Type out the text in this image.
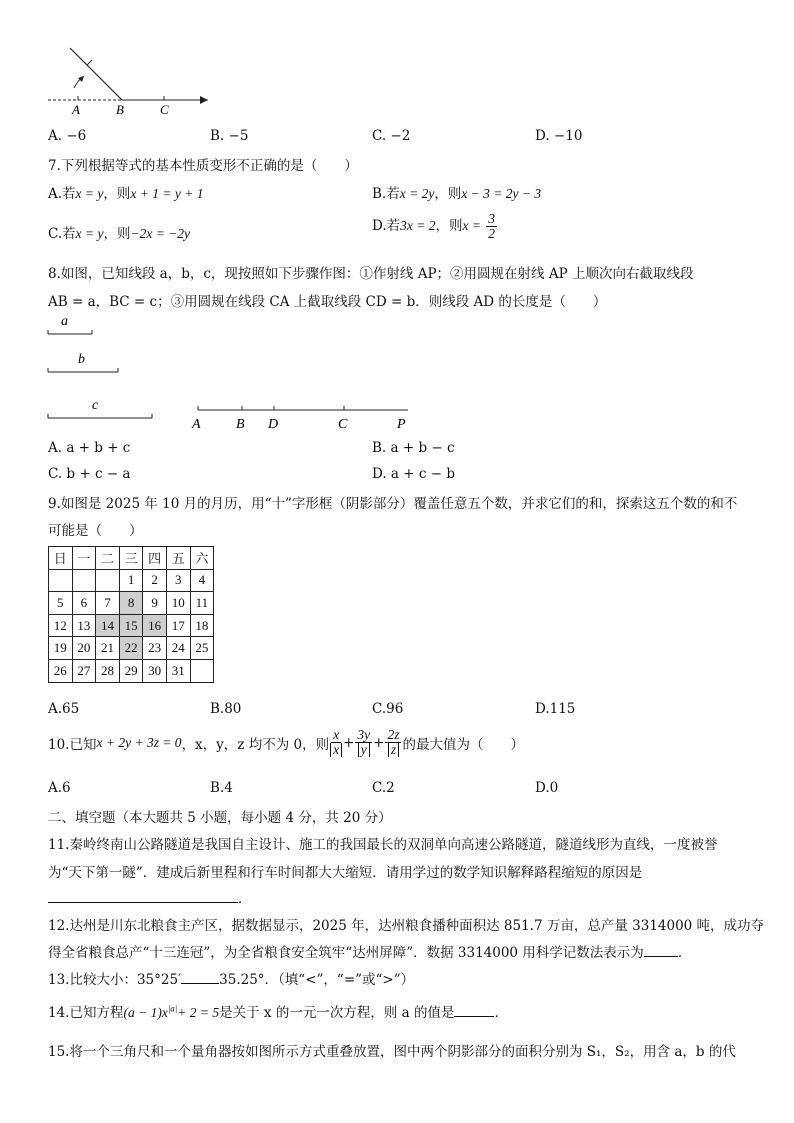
A	B	C
A. −6	B. −5	C. −2	D. −10
7.下列根据等式的基本性质变形不正确的是（　　）
A.若x = y，则x + 1 = y + 1	B.若x = 2y，则x − 3 = 2y − 3
C.若x = y，则−2x = −2y	D.若3x = 2，则$x = \frac{3}{2}$
8.如图，已知线段 a，b，c，现按照如下步骤作图：①作射线 AP；②用圆规在射线 AP 上顺次向右截取线段
AB = a，BC = c；③用圆规在线段 CA 上截取线段 CD = b．则线段 AD 的长度是（　　）
a
b
c
A	B D	C	P
A. a + b + c	B. a + b − c
C. b + c − a	D. a + c − b
9.如图是 2025 年 10 月的月历，用“十”字形框（阴影部分）覆盖任意五个数，并求它们的和，探索这五个数的和不
可能是（　　）
日	一	二	三	四	五	六
			1	2	3	4
5	6	7	8	9	10	11
12	13	14	15	16	17	18
19	20	21	22	23	24	25
26	27	28	29	30	31	
A.65	B.80	C.96	D.115
10.已知 x + 2y + 3z = 0 ，x，y，z 均不为 0，则 $\frac{x}{x} + \frac{3y}{y} + \frac{2z}{z}$ 的最大值为（　　）
A.6	B.4	C.2	D.0
二、填空题（本大题共 5 小题，每小题 4 分，共 20 分）
11.秦岭终南山公路隧道是我国自主设计、施工的我国最长的双洞单向高速公路隧道，隧道线形为直线，一度被誉
为“天下第一隧”．建成后新里程和行车时间都大大缩短．请用学过的数学知识解释路程缩短的原因是
．
12.达州是川东北粮食主产区，据数据显示，2025 年，达州粮食播种面积达 851.7 万亩，总产量 3314000 吨，成功夺
得全省粮食总产“十三连冠”，为全省粮食安全筑牢“达州屏障”．数据 3314000 用科学记数法表示为	．
13.比较大小：35°25′	35.25°．（填“<”，“=”或“>”）
14.已知方程$(a - 1)x^{|a|}+ 2 = 5$是关于 x 的一元一次方程，则 a 的值是	．
15.将一个三角尺和一个量角器按如图所示方式重叠放置，图中两个阴影部分的面积分别为 S₁，S₂，用含 a，b 的代
